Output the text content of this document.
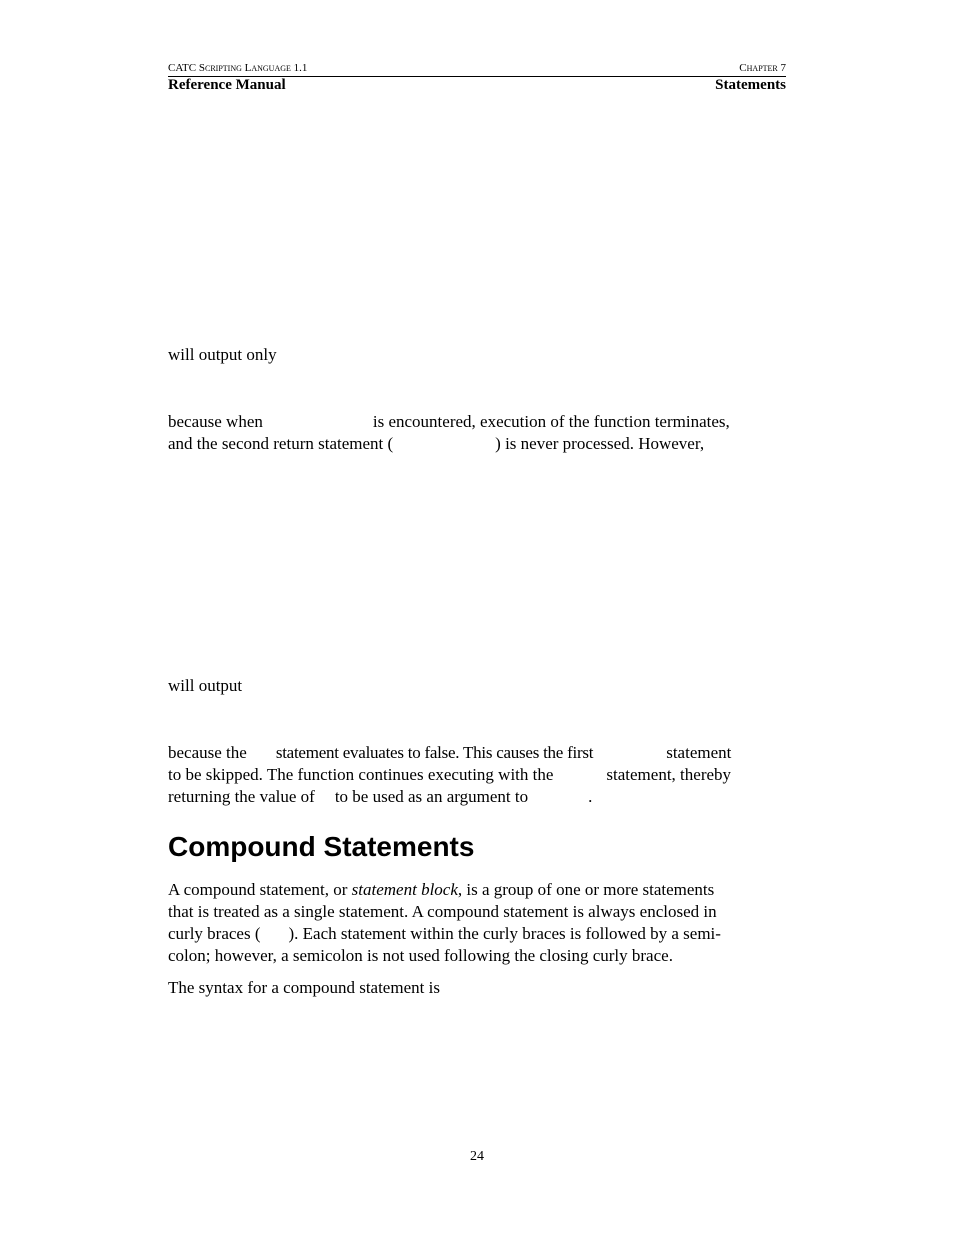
CATC Scripting Language 1.1	Chapter 7
Reference Manual	Statements

will output only

because when	is encountered, execution of the function terminates,
and the second return statement (	) is never processed. However,

will output

because the statement evaluates to false. This causes the first	statement
to be skipped. The function continues executing with the	statement, thereby
returning the value of to be used as an argument to	.

Compound Statements

A compound statement, or statement block, is a group of one or more statements
that is treated as a single statement. A compound statement is always enclosed in
curly braces ( ). Each statement within the curly braces is followed by a semi-
colon; however, a semicolon is not used following the closing curly brace.

The syntax for a compound statement is

24
